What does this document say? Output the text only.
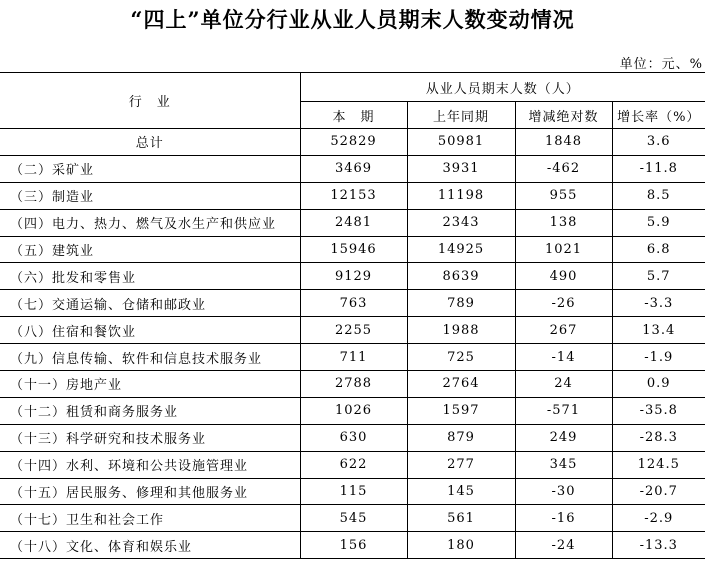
“四上”单位分行业从业人员期末人数变动情况
单位：元、%
行　业	从业人员期末人数（人）			
	本　期	上年同期	增减绝对数	增长率（%）
总计	52829	50981	1848	3.6
（二）采矿业	3469	3931	-462	-11.8
（三）制造业	12153	11198	955	8.5
（四）电力、热力、燃气及水生产和供应业	2481	2343	138	5.9
（五）建筑业	15946	14925	1021	6.8
（六）批发和零售业	9129	8639	490	5.7
（七）交通运输、仓储和邮政业	763	789	-26	-3.3
（八）住宿和餐饮业	2255	1988	267	13.4
（九）信息传输、软件和信息技术服务业	711	725	-14	-1.9
（十一）房地产业	2788	2764	24	0.9
（十二）租赁和商务服务业	1026	1597	-571	-35.8
（十三）科学研究和技术服务业	630	879	249	-28.3
（十四）水利、环境和公共设施管理业	622	277	345	124.5
（十五）居民服务、修理和其他服务业	115	145	-30	-20.7
（十七）卫生和社会工作	545	561	-16	-2.9
（十八）文化、体育和娱乐业	156	180	-24	-13.3
